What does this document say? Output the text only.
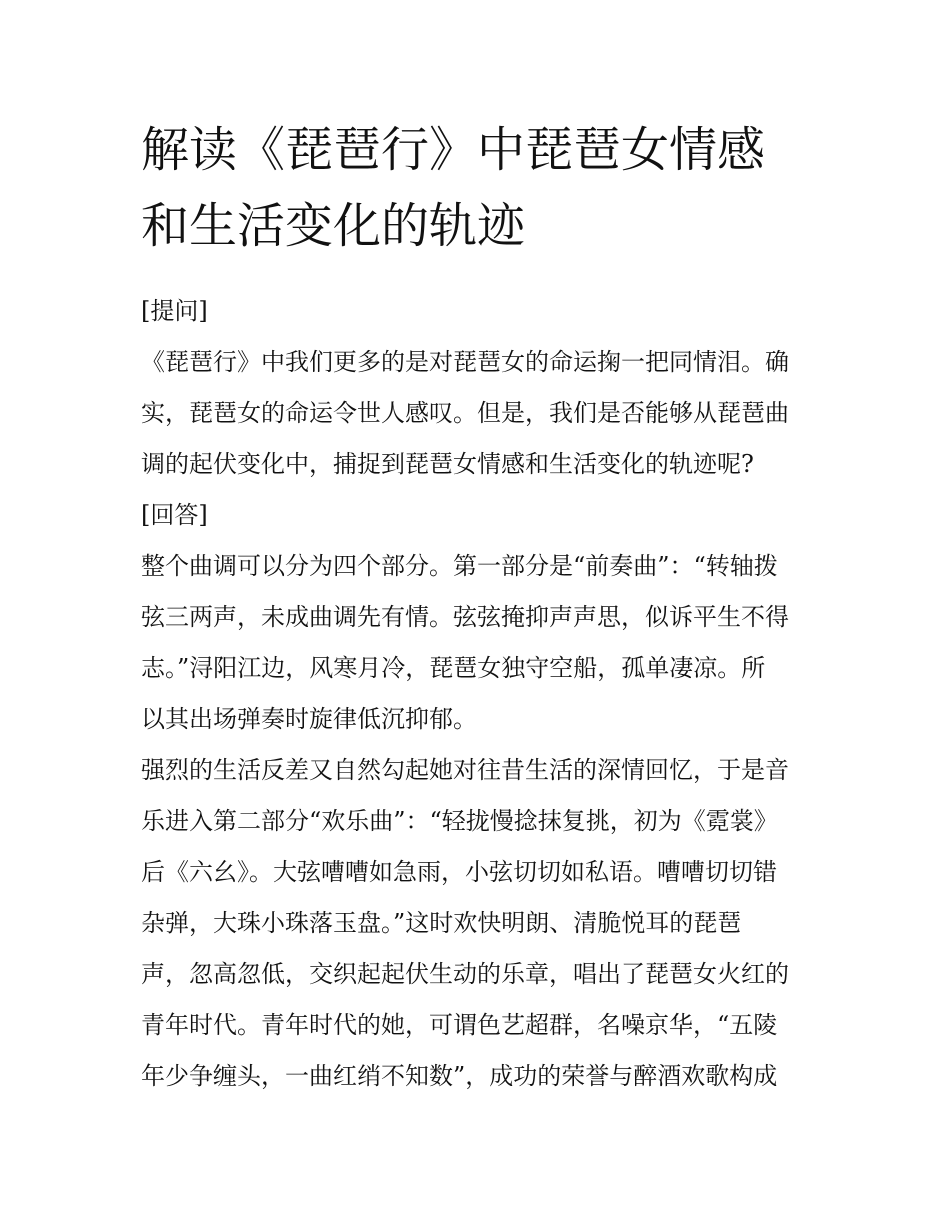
解读《琵琶行》中琵琶女情感
和生活变化的轨迹
[提问]
《琵琶行》中我们更多的是对琵琶女的命运掬一把同情泪。确
实，琵琶女的命运令世人感叹。但是，我们是否能够从琵琶曲
调的起伏变化中，捕捉到琵琶女情感和生活变化的轨迹呢?
[回答]
整个曲调可以分为四个部分。第一部分是“前奏曲”：“转轴拨
弦三两声，未成曲调先有情。弦弦掩抑声声思，似诉平生不得
志。”浔阳江边，风寒月冷，琵琶女独守空船，孤单凄凉。所
以其出场弹奏时旋律低沉抑郁。
强烈的生活反差又自然勾起她对往昔生活的深情回忆，于是音
乐进入第二部分“欢乐曲”：“轻拢慢捻抹复挑，初为《霓裳》
后《六幺》。大弦嘈嘈如急雨，小弦切切如私语。嘈嘈切切错
杂弹，大珠小珠落玉盘。”这时欢快明朗、清脆悦耳的琵琶
声，忽高忽低，交织起起伏生动的乐章，唱出了琵琶女火红的
青年时代。青年时代的她，可谓色艺超群，名噪京华，“五陵
年少争缠头，一曲红绡不知数”，成功的荣誉与醉酒欢歌构成
